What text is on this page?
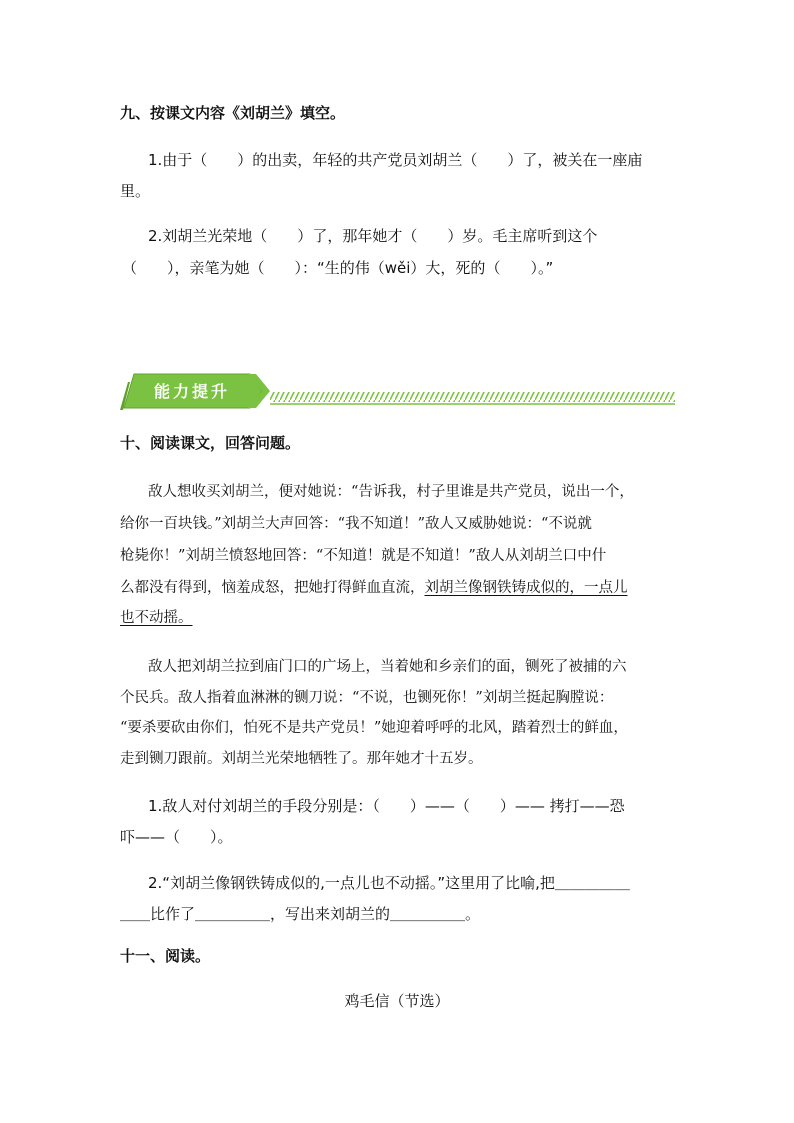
九、按课文内容《刘胡兰》填空。
1.由于（　　）的出卖，年轻的共产党员刘胡兰（　　）了，被关在一座庙
里。
2.刘胡兰光荣地（　　）了，那年她才（　　）岁。毛主席听到这个
（　　），亲笔为她（　　）：“生的伟（wěi）大，死的（　　）。”
能力提升
十、阅读课文，回答问题。
敌人想收买刘胡兰，便对她说：“告诉我，村子里谁是共产党员，说出一个，
给你一百块钱。”刘胡兰大声回答：“我不知道！”敌人又威胁她说：“不说就
枪毙你！”刘胡兰愤怒地回答：“不知道！就是不知道！”敌人从刘胡兰口中什
么都没有得到，恼羞成怒，把她打得鲜血直流，刘胡兰像钢铁铸成似的，一点儿
也不动摇。
敌人把刘胡兰拉到庙门口的广场上，当着她和乡亲们的面，铡死了被捕的六
个民兵。敌人指着血淋淋的铡刀说：“不说，也铡死你！”刘胡兰挺起胸膛说：
“要杀要砍由你们，怕死不是共产党员！”她迎着呼呼的北风，踏着烈士的鲜血，
走到铡刀跟前。刘胡兰光荣地牺牲了。那年她才十五岁。
1.敌人对付刘胡兰的手段分别是：（　　）——（　　）—— 拷打——恐
吓——（　　）。
2.“刘胡兰像钢铁铸成似的,一点儿也不动摇。”这里用了比喻,把＿＿＿＿＿
＿＿比作了＿＿＿＿＿，写出来刘胡兰的＿＿＿＿＿。
十一、阅读。
鸡毛信（节选）
